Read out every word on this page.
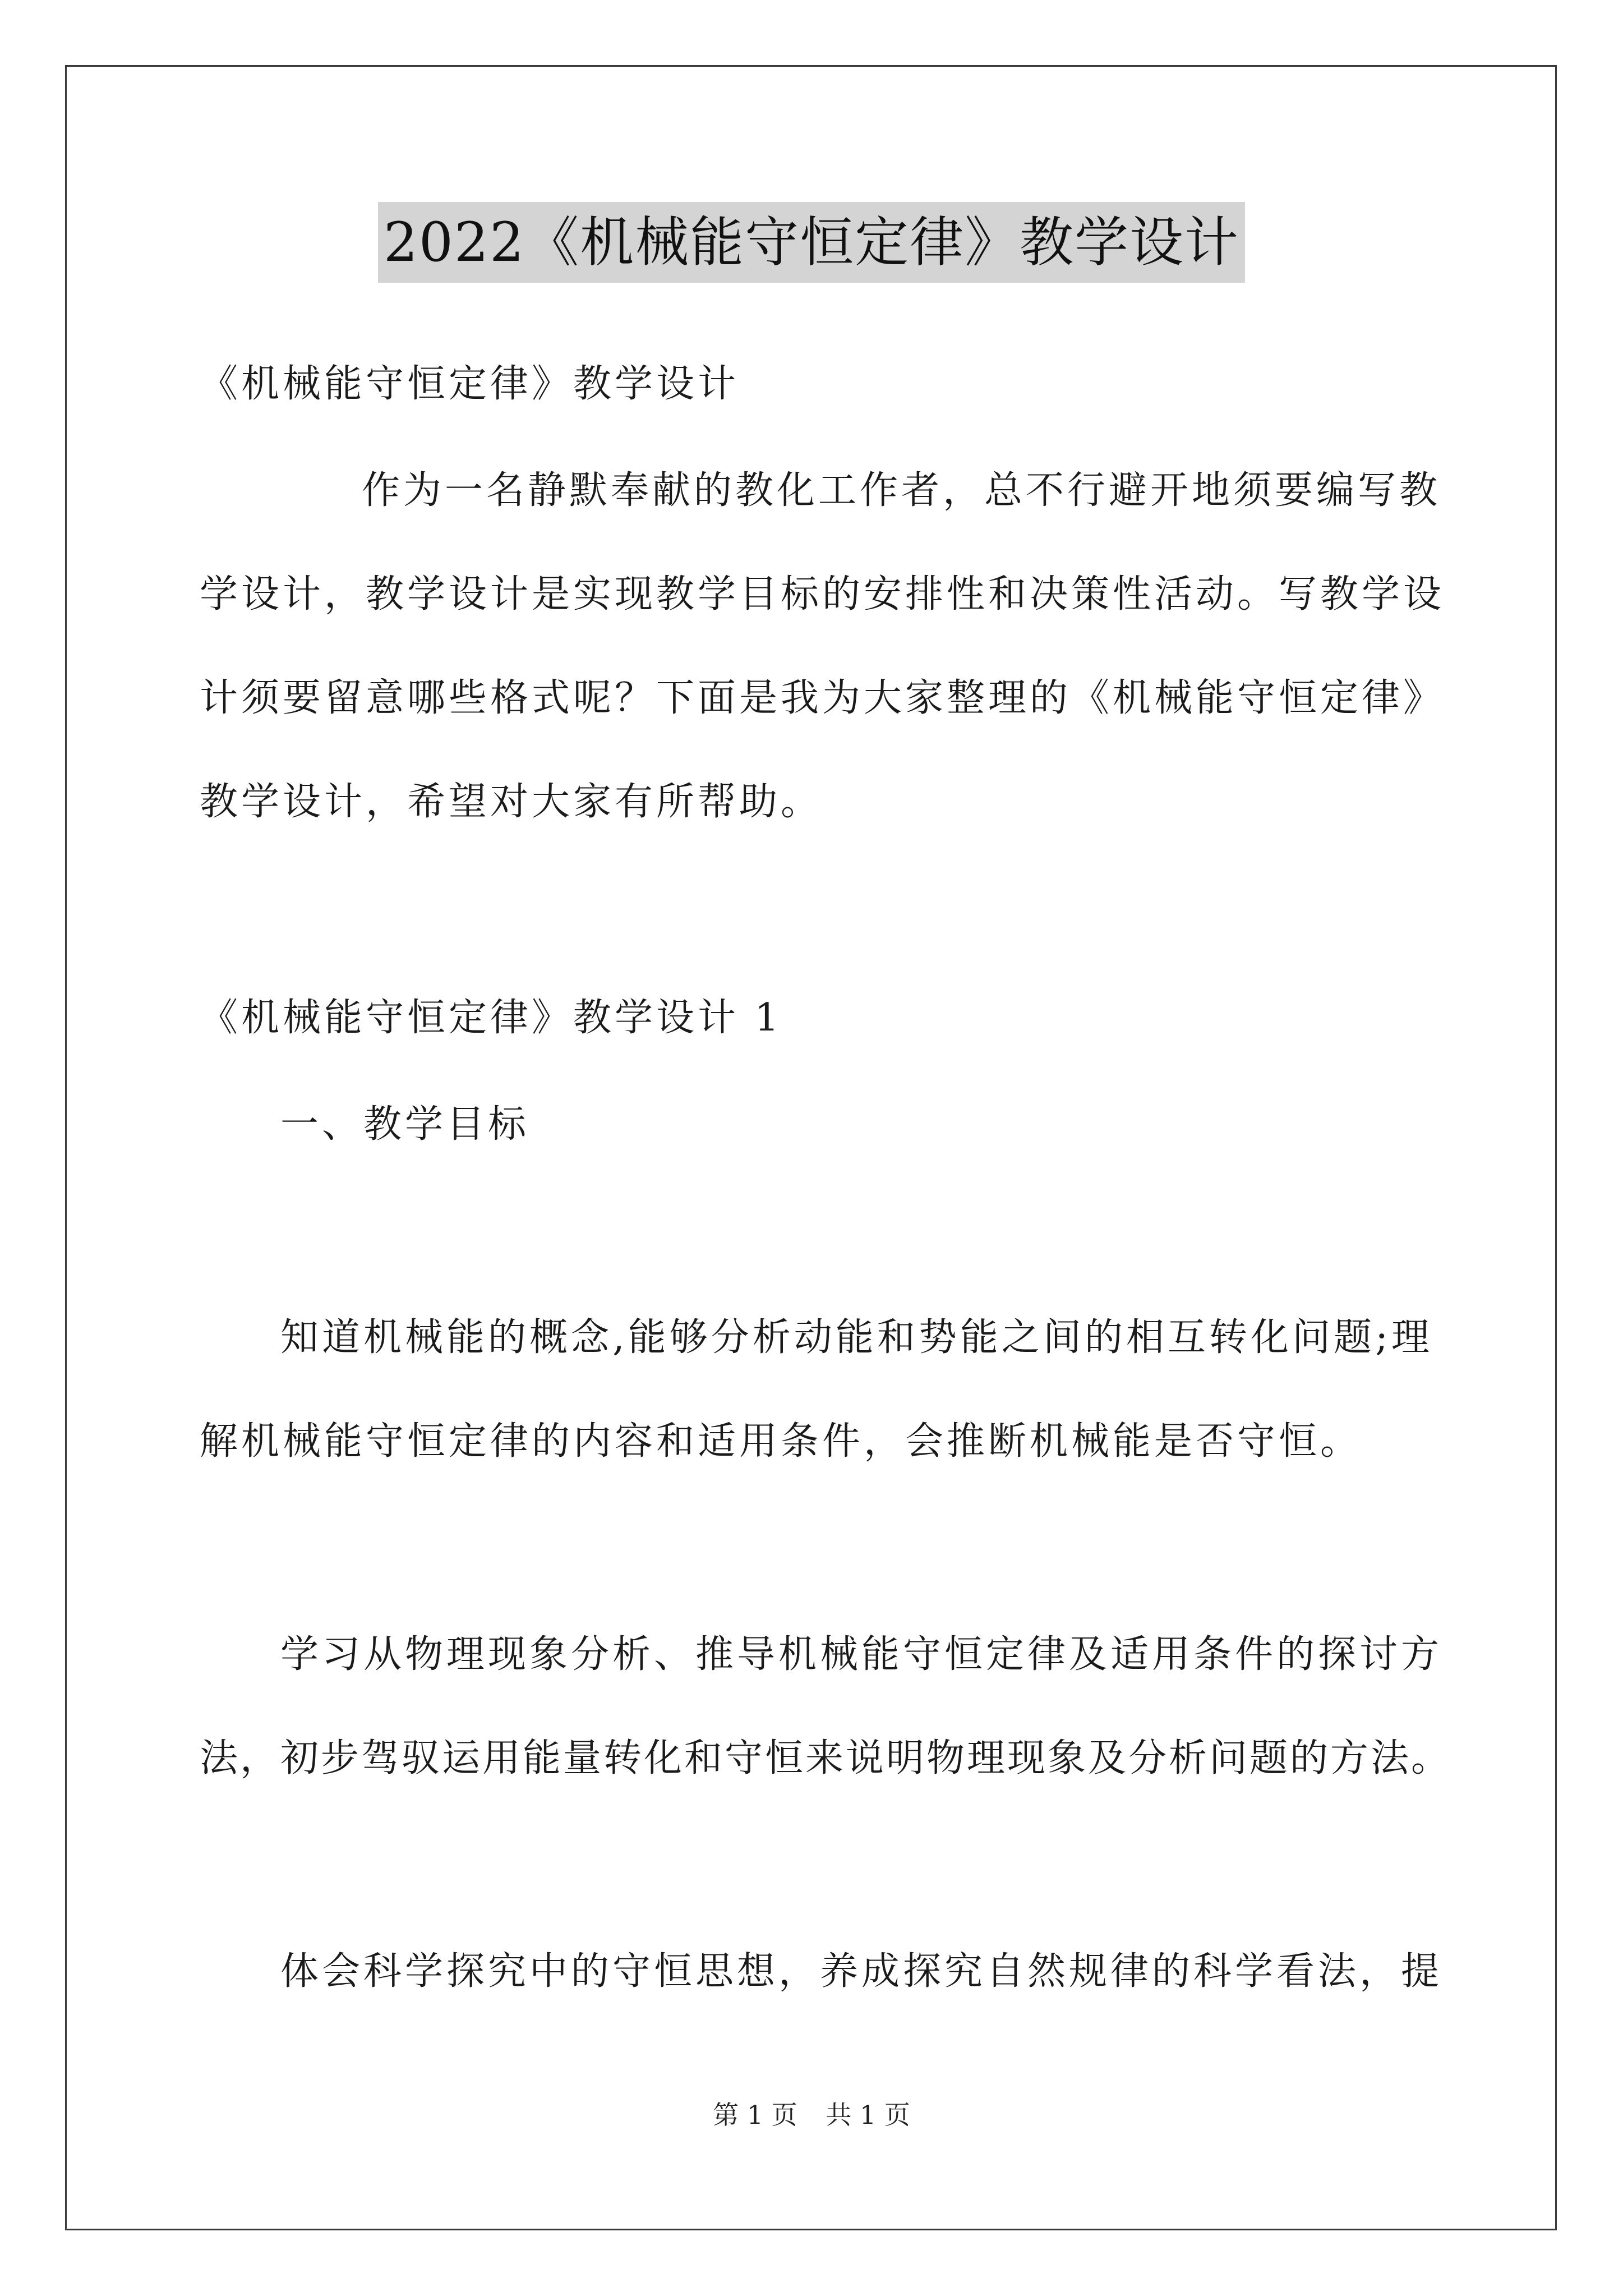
2022《机械能守恒定律》教学设计
《机械能守恒定律》教学设计
作为一名静默奉献的教化工作者，总不行避开地须要编写教
学设计，教学设计是实现教学目标的安排性和决策性活动。写教学设
计须要留意哪些格式呢？下面是我为大家整理的《机械能守恒定律》
教学设计，希望对大家有所帮助。
《机械能守恒定律》教学设计 1
一、教学目标
知道机械能的概念,能够分析动能和势能之间的相互转化问题;理
解机械能守恒定律的内容和适用条件，会推断机械能是否守恒。
学习从物理现象分析、推导机械能守恒定律及适用条件的探讨方
法，初步驾驭运用能量转化和守恒来说明物理现象及分析问题的方法。
体会科学探究中的守恒思想，养成探究自然规律的科学看法，提
第 1 页 共 1 页
